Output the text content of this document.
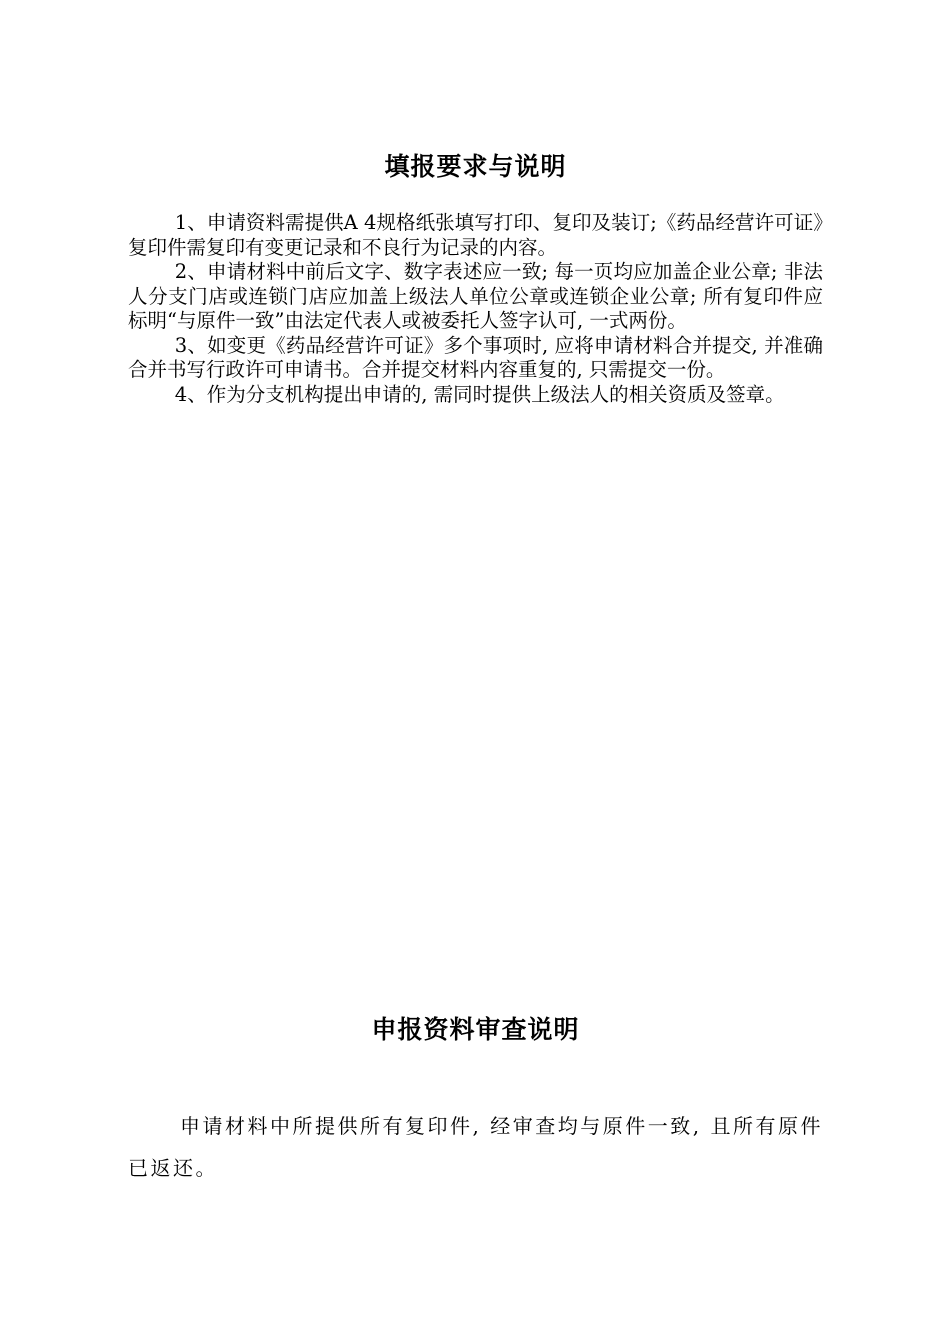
填报要求与说明

1、申请资料需提供A 4规格纸张填写打印、复印及装订;《药品经营许可证》复印件需复印有变更记录和不良行为记录的内容。

2、申请材料中前后文字、数字表述应一致; 每一页均应加盖企业公章; 非法人分支门店或连锁门店应加盖上级法人单位公章或连锁企业公章; 所有复印件应标明“与原件一致”由法定代表人或被委托人签字认可, 一式两份。

3、如变更《药品经营许可证》多个事项时, 应将申请材料合并提交, 并准确合并书写行政许可申请书。合并提交材料内容重复的, 只需提交一份。

4、作为分支机构提出申请的, 需同时提供上级法人的相关资质及签章。

申报资料审查说明

申请材料中所提供所有复印件, 经审查均与原件一致, 且所有原件已返还。
